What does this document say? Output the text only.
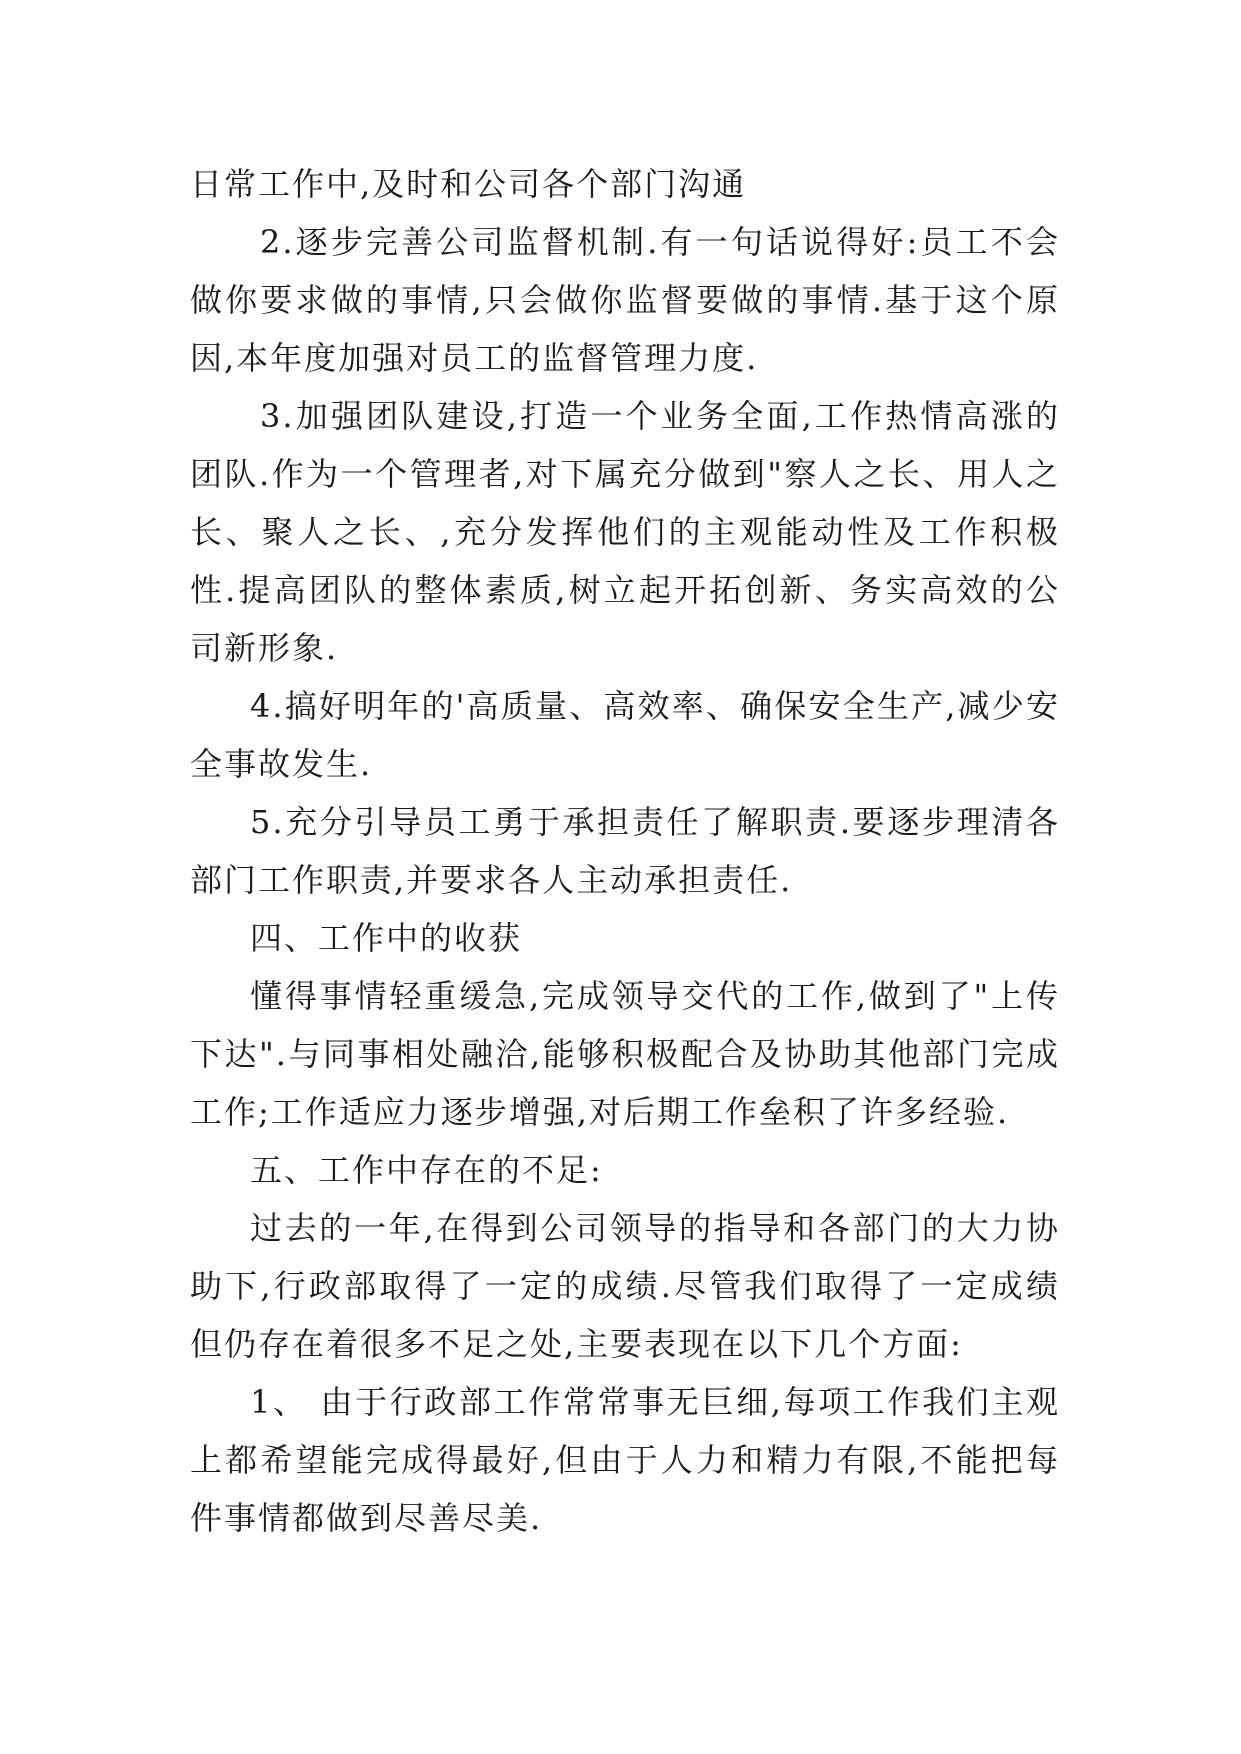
日常工作中,及时和公司各个部门沟通

2.逐步完善公司监督机制.有一句话说得好:员工不会做你要求做的事情,只会做你监督要做的事情.基于这个原因,本年度加强对员工的监督管理力度.

3.加强团队建设,打造一个业务全面,工作热情高涨的团队.作为一个管理者,对下属充分做到"察人之长、用人之长、聚人之长、,充分发挥他们的主观能动性及工作积极性.提高团队的整体素质,树立起开拓创新、务实高效的公司新形象.

4.搞好明年的'高质量、高效率、确保安全生产,减少安全事故发生.

5.充分引导员工勇于承担责任了解职责.要逐步理清各部门工作职责,并要求各人主动承担责任.

四、工作中的收获

懂得事情轻重缓急,完成领导交代的工作,做到了"上传下达".与同事相处融洽,能够积极配合及协助其他部门完成工作;工作适应力逐步增强,对后期工作垒积了许多经验.

五、工作中存在的不足:

过去的一年,在得到公司领导的指导和各部门的大力协助下,行政部取得了一定的成绩.尽管我们取得了一定成绩但仍存在着很多不足之处,主要表现在以下几个方面:

1、 由于行政部工作常常事无巨细,每项工作我们主观上都希望能完成得最好,但由于人力和精力有限,不能把每件事情都做到尽善尽美.
